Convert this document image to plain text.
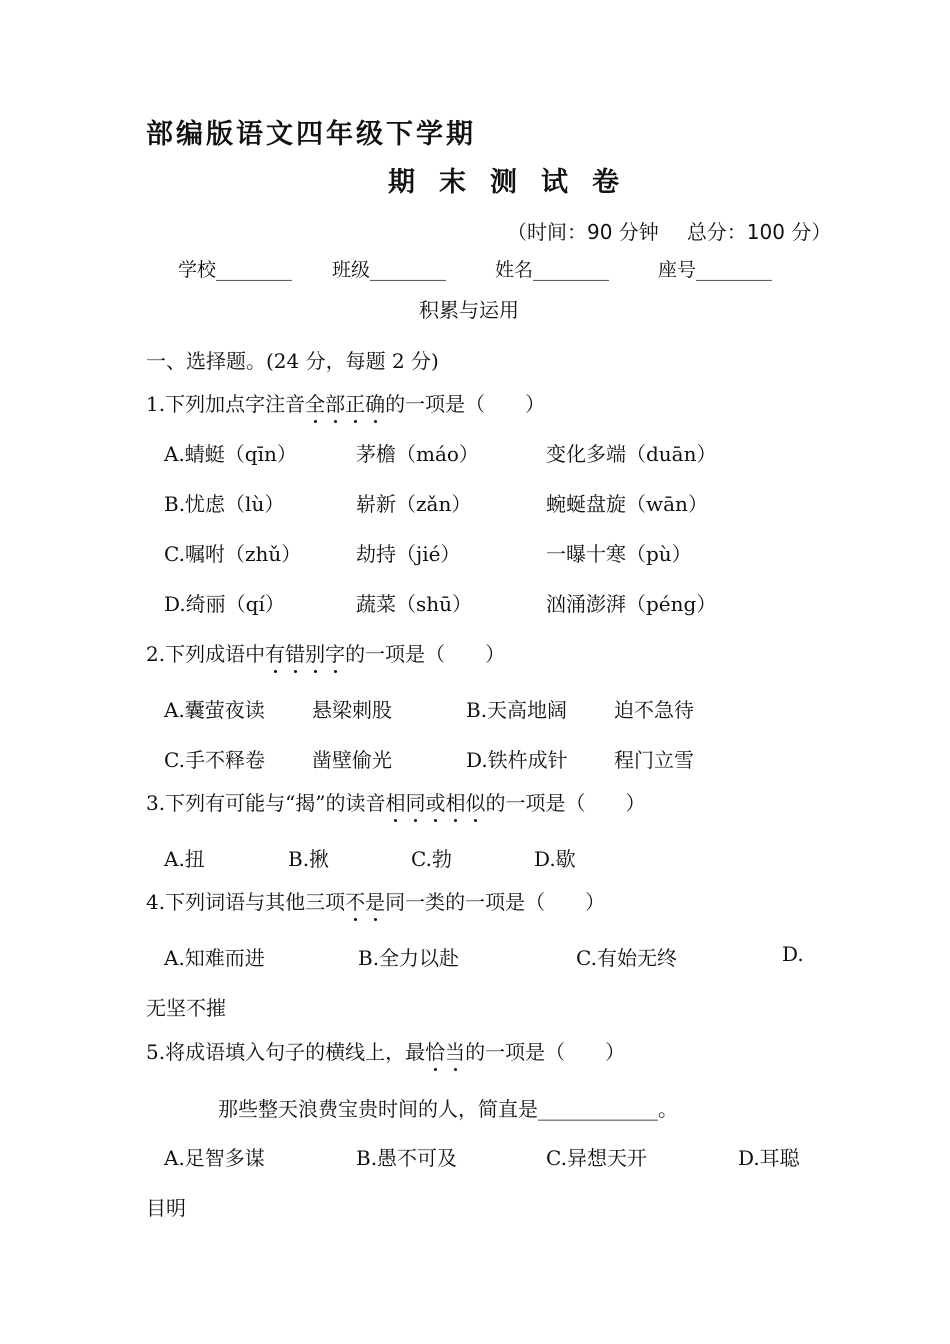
部编版语文四年级下学期
期末测试卷
（时间：90 分钟 总分：100 分）
学校________ 班级________	姓名________	座号________
积累与运用
一、选择题。(24 分，每题 2 分)
1.下列加点字注音全部正确的一项是（　　）
A.蜻蜓（qīn）	茅檐（máo）	变化多端（duān）
B.忧虑（lù）	崭新（zǎn）	蜿蜒盘旋（wān）
C.嘱咐（zhǔ）	劫持（jié）	一曝十寒（pù）
D.绮丽（qí）	蔬菜（shū）	汹涌澎湃（péng）
2.下列成语中有错别字的一项是（　　）
A.囊萤夜读 悬梁刺股	B.天高地阔 迫不急待
C.手不释卷 凿壁偷光	D.铁杵成针 程门立雪
3.下列有可能与“揭”的读音相同或相似的一项是（　　）
A.扭	B.揪	C.勃	D.歇
4.下列词语与其他三项不是同一类的一项是（　　）
A.知难而进	B.全力以赴	C.有始无终	D.
无坚不摧
5.将成语填入句子的横线上，最恰当的一项是（　　）
那些整天浪费宝贵时间的人，简直是____________。
A.足智多谋	B.愚不可及	C.异想天开	D.耳聪
目明
